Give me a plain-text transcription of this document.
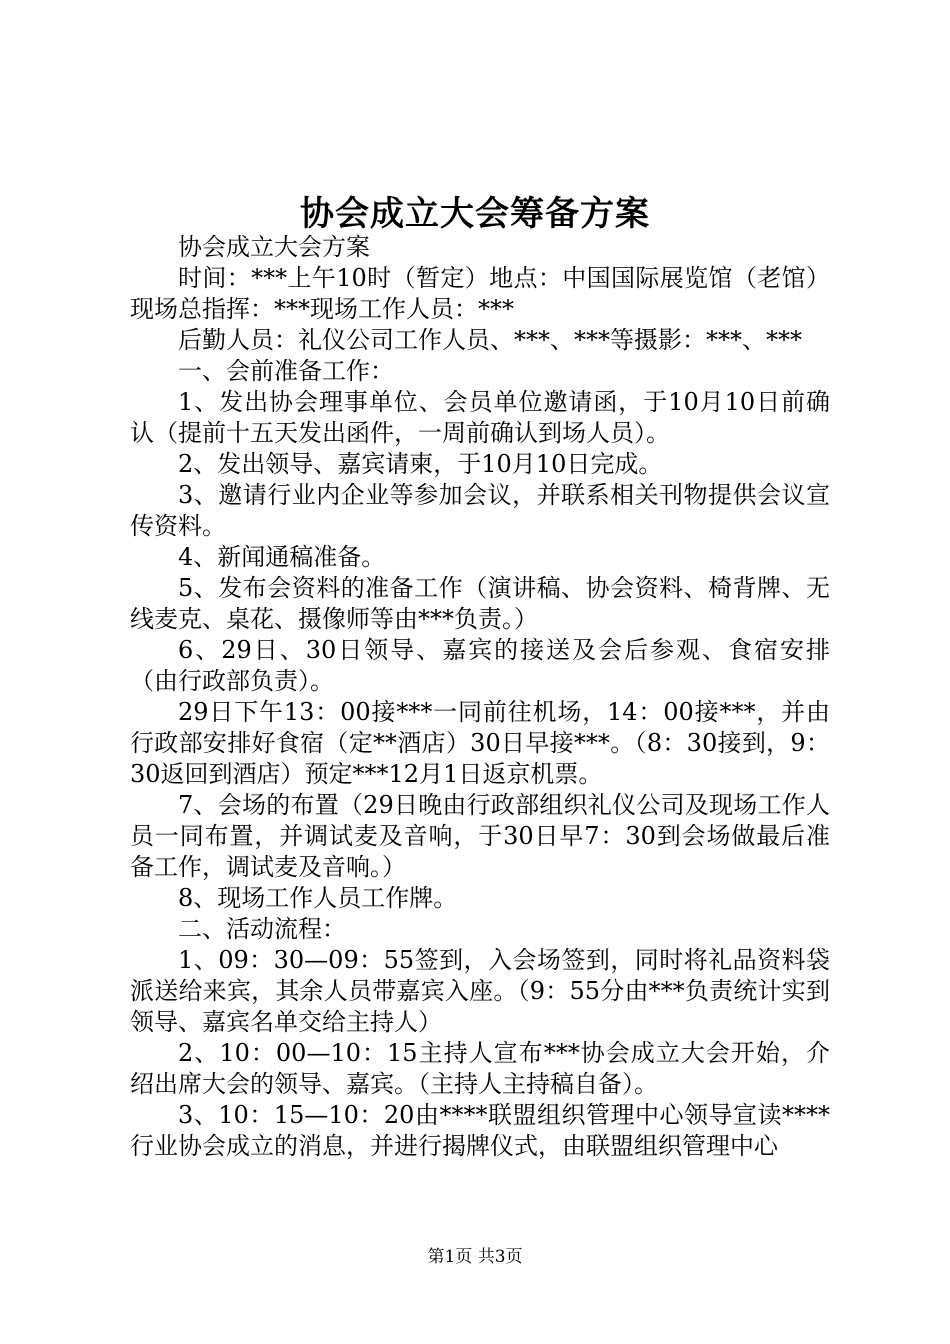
协会成立大会筹备方案

协会成立大会方案

时间：***上午10时（暂定）地点：中国国际展览馆（老馆）现场总指挥：***现场工作人员：***

后勤人员：礼仪公司工作人员、***、***等摄影：***、***

一、会前准备工作：

1、发出协会理事单位、会员单位邀请函，于10月10日前确认（提前十五天发出函件，一周前确认到场人员）。

2、发出领导、嘉宾请柬，于10月10日完成。

3、邀请行业内企业等参加会议，并联系相关刊物提供会议宣传资料。

4、新闻通稿准备。

5、发布会资料的准备工作（演讲稿、协会资料、椅背牌、无线麦克、桌花、摄像师等由***负责。）

6、29日、30日领导、嘉宾的接送及会后参观、食宿安排（由行政部负责）。

29日下午13：00接***一同前往机场，14：00接***，并由行政部安排好食宿（定**酒店）30日早接***。（8：30接到，9：30返回到酒店）预定***12月1日返京机票。

7、会场的布置（29日晚由行政部组织礼仪公司及现场工作人员一同布置，并调试麦及音响，于30日早7：30到会场做最后准备工作，调试麦及音响。）

8、现场工作人员工作牌。

二、活动流程：

1、09：30—09：55签到，入会场签到，同时将礼品资料袋派送给来宾，其余人员带嘉宾入座。（9：55分由***负责统计实到领导、嘉宾名单交给主持人）

2、10：00—10：15主持人宣布***协会成立大会开始，介绍出席大会的领导、嘉宾。（主持人主持稿自备）。

3、10：15—10：20由****联盟组织管理中心领导宣读****行业协会成立的消息，并进行揭牌仪式，由联盟组织管理中心

第1页 共3页
